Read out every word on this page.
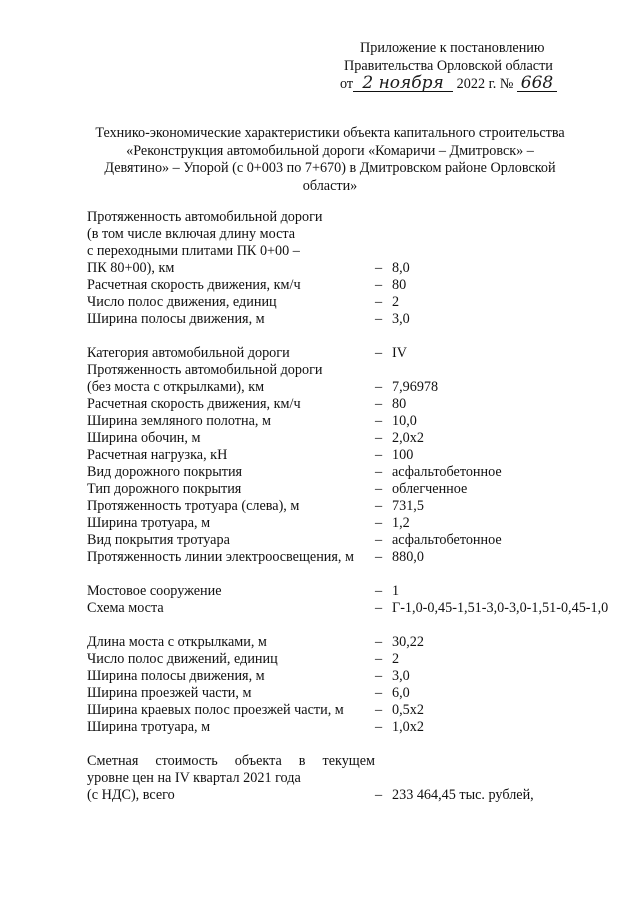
Приложение к постановлению
Правительства Орловской области
от 2 ноября 2022 г. № 668
Технико-экономические характеристики объекта капитального строительства
«Реконструкция автомобильной дороги «Комаричи – Дмитровск» –
Девятино» – Упорой (с 0+003 по 7+670) в Дмитровском районе Орловской
области»
Протяженность автомобильной дороги
(в том числе включая длину моста
с переходными плитами ПК 0+00 –
ПК 80+00), км	– 8,0
Расчетная скорость движения, км/ч	– 80
Число полос движения, единиц	– 2
Ширина полосы движения, м	– 3,0
Категория автомобильной дороги	– IV
Протяженность автомобильной дороги
(без моста с открылками), км	– 7,96978
Расчетная скорость движения, км/ч	– 80
Ширина земляного полотна, м	– 10,0
Ширина обочин, м	– 2,0x2
Расчетная нагрузка, кН	– 100
Вид дорожного покрытия	– асфальтобетонное
Тип дорожного покрытия	– облегченное
Протяженность тротуара (слева), м	– 731,5
Ширина тротуара, м	– 1,2
Вид покрытия тротуара	– асфальтобетонное
Протяженность линии электроосвещения, м	– 880,0
Мостовое сооружение	– 1
Схема моста	– Г-1,0-0,45-1,51-3,0-3,0-1,51-0,45-1,0
Длина моста с открылками, м	– 30,22
Число полос движений, единиц	– 2
Ширина полосы движения, м	– 3,0
Ширина проезжей части, м	– 6,0
Ширина краевых полос проезжей части, м	– 0,5x2
Ширина тротуара, м	– 1,0x2
Сметная стоимость объекта в текущем
уровне цен на IV квартал 2021 года
(с НДС), всего	– 233 464,45 тыс. рублей,
